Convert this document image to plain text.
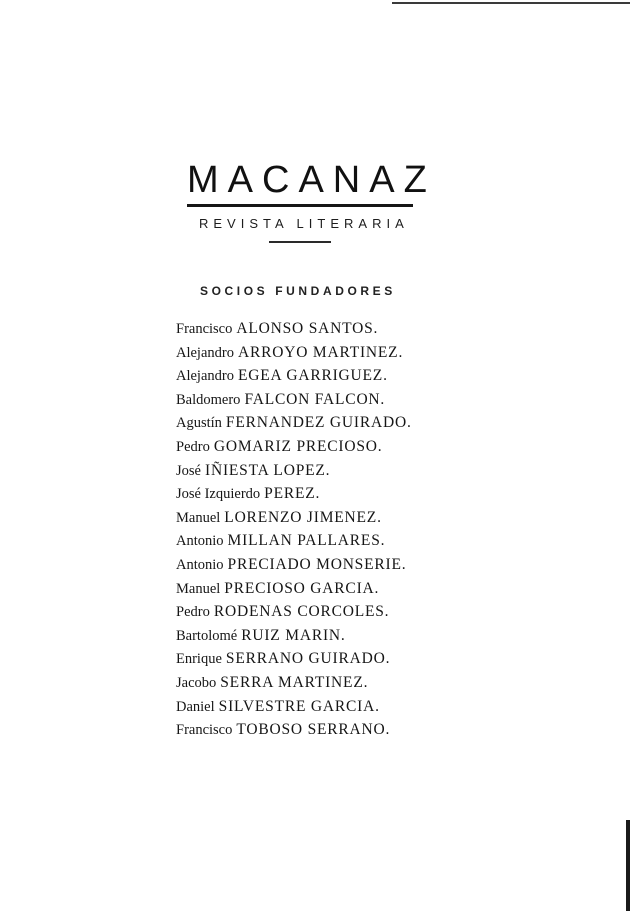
MACANAZ
REVISTA LITERARIA
SOCIOS FUNDADORES
Francisco ALONSO SANTOS.
Alejandro ARROYO MARTINEZ.
Alejandro EGEA GARRIGUEZ.
Baldomero FALCON FALCON.
Agustín FERNANDEZ GUIRADO.
Pedro GOMARIZ PRECIOSO.
José IÑIESTA LOPEZ.
José Izquierdo PEREZ.
Manuel LORENZO JIMENEZ.
Antonio MILLAN PALLARES.
Antonio PRECIADO MONSERIE.
Manuel PRECIOSO GARCIA.
Pedro RODENAS CORCOLES.
Bartolomé RUIZ MARIN.
Enrique SERRANO GUIRADO.
Jacobo SERRA MARTINEZ.
Daniel SILVESTRE GARCIA.
Francisco TOBOSO SERRANO.
